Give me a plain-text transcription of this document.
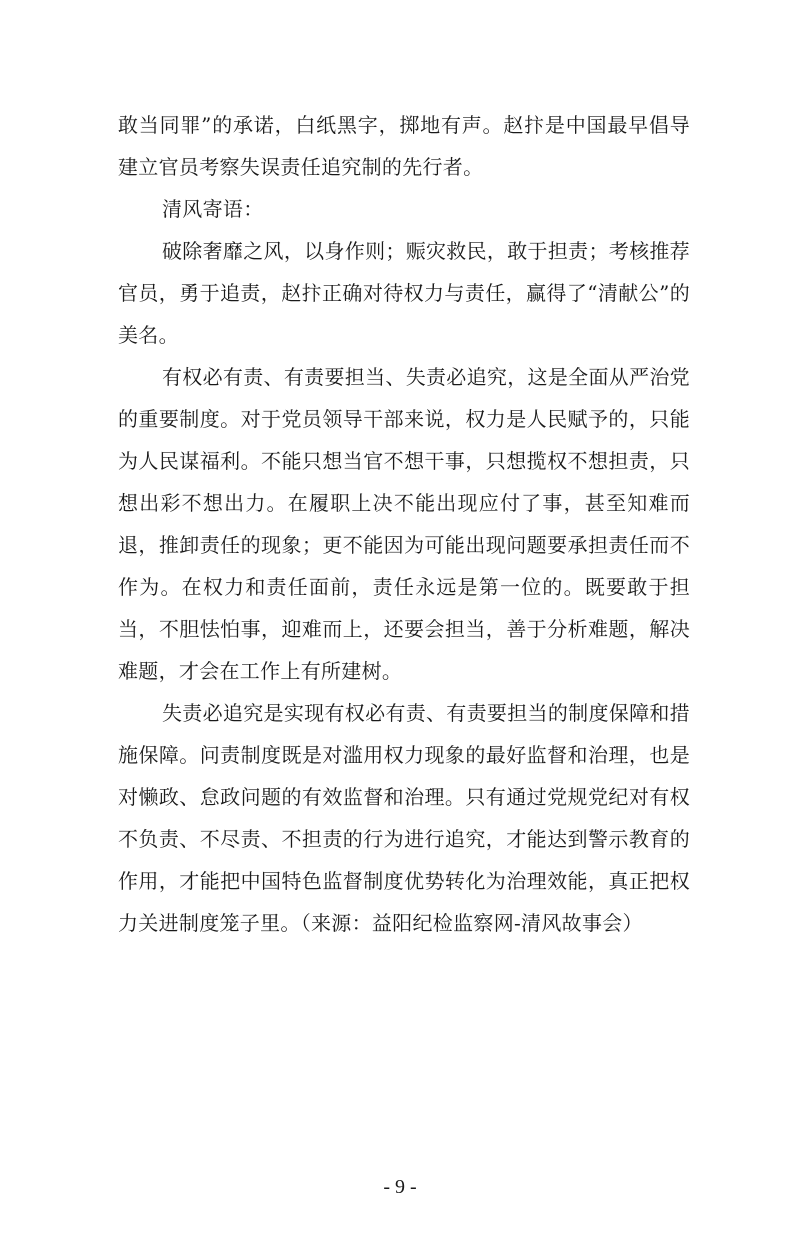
敢当同罪”的承诺，白纸黑字，掷地有声。赵抃是中国最早倡导建立官员考察失误责任追究制的先行者。

清风寄语：

破除奢靡之风，以身作则；赈灾救民，敢于担责；考核推荐官员，勇于追责，赵抃正确对待权力与责任，赢得了“清献公”的美名。

有权必有责、有责要担当、失责必追究，这是全面从严治党的重要制度。对于党员领导干部来说，权力是人民赋予的，只能为人民谋福利。不能只想当官不想干事，只想揽权不想担责，只想出彩不想出力。在履职上决不能出现应付了事，甚至知难而退，推卸责任的现象；更不能因为可能出现问题要承担责任而不作为。在权力和责任面前，责任永远是第一位的。既要敢于担当，不胆怯怕事，迎难而上，还要会担当，善于分析难题，解决难题，才会在工作上有所建树。

失责必追究是实现有权必有责、有责要担当的制度保障和措施保障。问责制度既是对滥用权力现象的最好监督和治理，也是对懒政、怠政问题的有效监督和治理。只有通过党规党纪对有权不负责、不尽责、不担责的行为进行追究，才能达到警示教育的作用，才能把中国特色监督制度优势转化为治理效能，真正把权力关进制度笼子里。（来源：益阳纪检监察网-清风故事会）

- 9 -
